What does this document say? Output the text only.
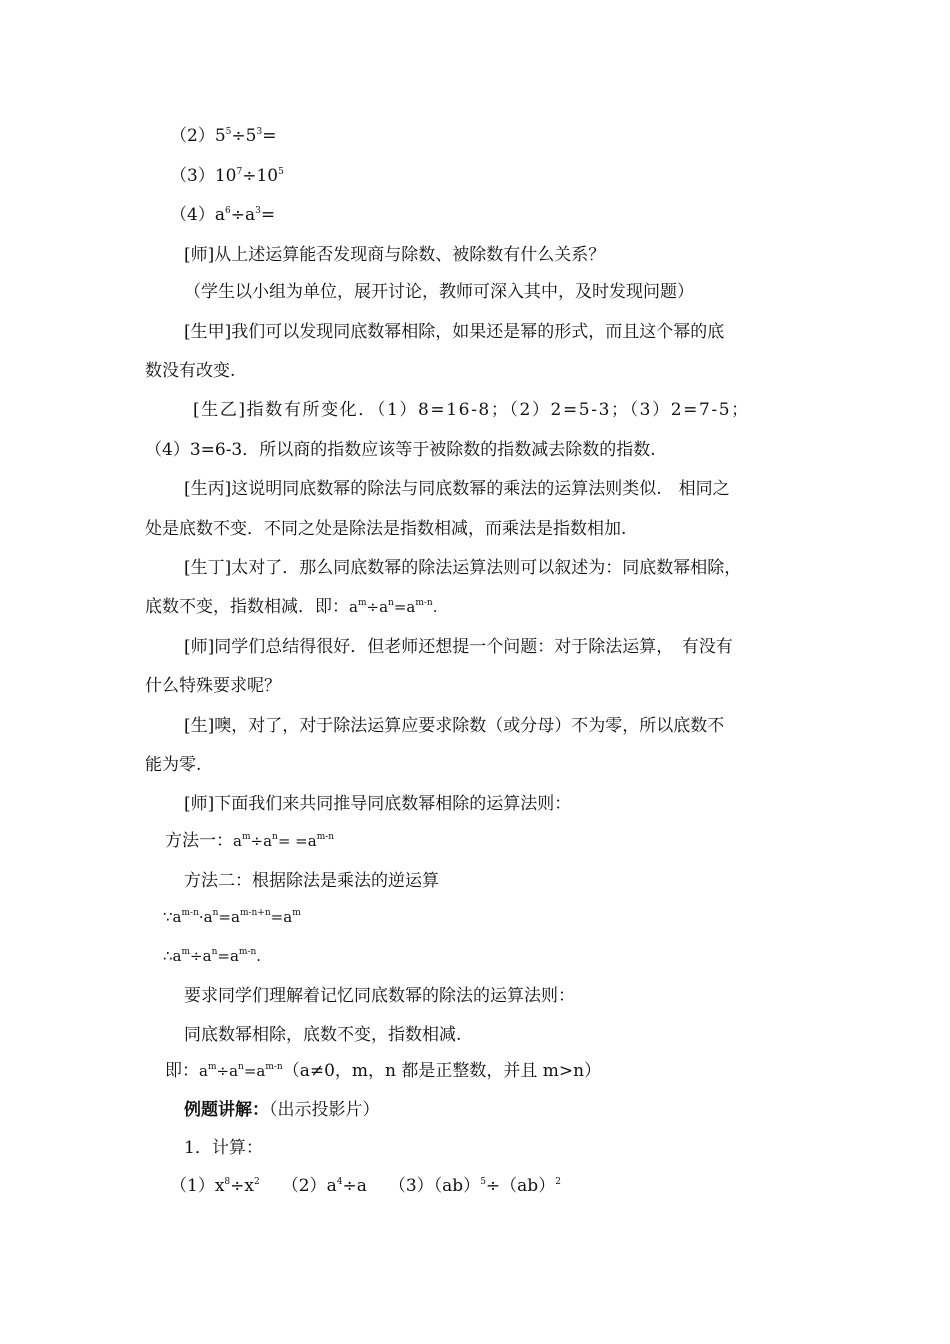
$(2)5^5\div 5^3=$
$(3)10^7\div 10^5$
$(4)a^6\div a^3=$
[师]从上述运算能否发现商与除数、被除数有什么关系？
（学生以小组为单位，展开讨论，教师可深入其中，及时发现问题）
[生甲]我们可以发现同底数幂相除，如果还是幂的形式，而且这个幂的底
数没有改变.
[生乙]指数有所变化．（1）8=16-8；（2）2=5-3；（3）2=7-5；
（4）3=6-3．所以商的指数应该等于被除数的指数减去除数的指数.
[生丙]这说明同底数幂的除法与同底数幂的乘法的运算法则类似.　相同之
处是底数不变．不同之处是除法是指数相减，而乘法是指数相加.
[生丁]太对了．那么同底数幂的除法运算法则可以叙述为：同底数幂相除，
底数不变，指数相减．即：$a^m\div a^n=a^{m-n}$.
[师]同学们总结得很好．但老师还想提一个问题：对于除法运算，　有没有
什么特殊要求呢？
[生]噢，对了，对于除法运算应要求除数（或分母）不为零，所以底数不
能为零.
[师]下面我们来共同推导同底数幂相除的运算法则：
方法一：$a^m\div a^n= =a^{m-n}$
方法二：根据除法是乘法的逆运算
$\because a^{m-n}\cdot a^n=a^{m-n+n}=a^m$
$\therefore a^m\div a^n=a^{m-n}$.
要求同学们理解着记忆同底数幂的除法的运算法则：
同底数幂相除，底数不变，指数相减.
即：$a^m\div a^n=a^{m-n}(a\ne 0$，m，n 都是正整数，并且 m>n）
例题讲解：（出示投影片）
1．计算：
$(1)x^8\div x^2$ $(2)a^4\div a$ （3）（ab）$^5$÷（ab）$^2$
